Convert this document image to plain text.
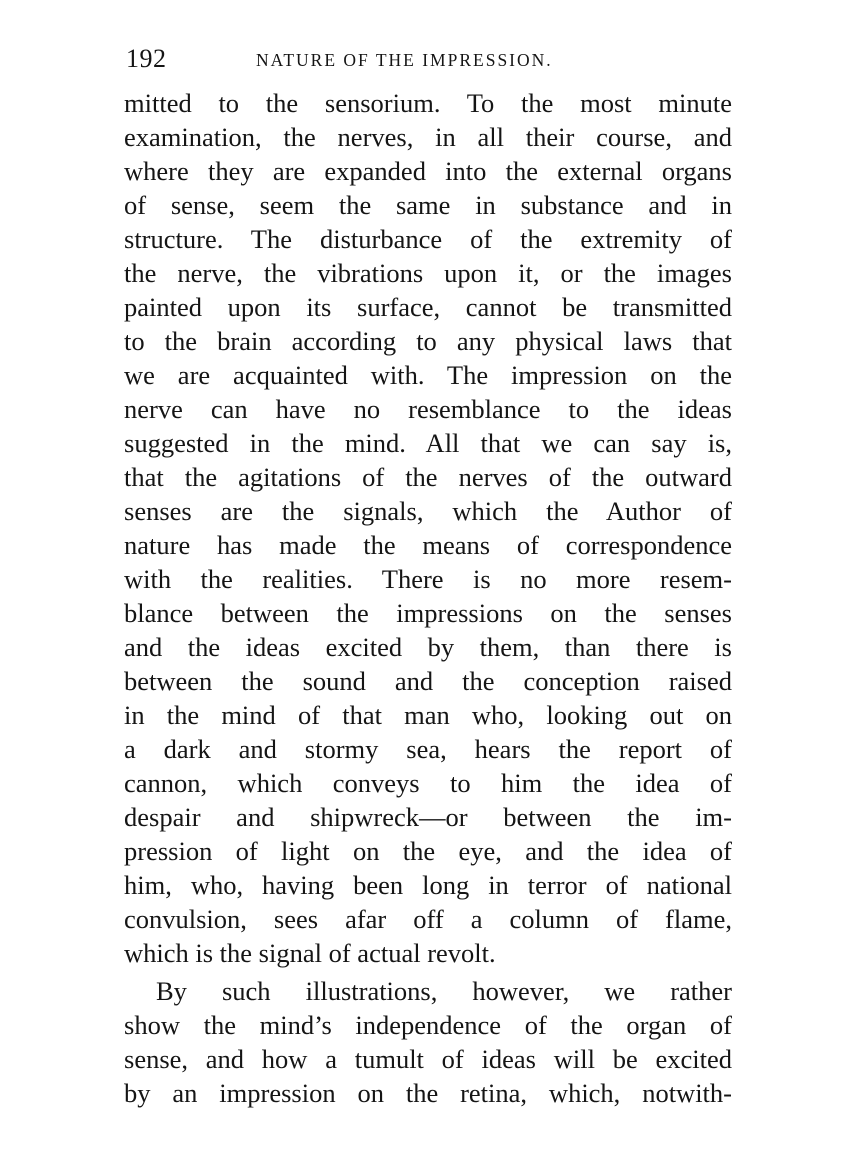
192	NATURE OF THE IMPRESSION.
mitted to the sensorium. To the most minute
examination, the nerves, in all their course, and
where they are expanded into the external organs
of sense, seem the same in substance and in
structure. The disturbance of the extremity of
the nerve, the vibrations upon it, or the images
painted upon its surface, cannot be transmitted
to the brain according to any physical laws that
we are acquainted with. The impression on the
nerve can have no resemblance to the ideas
suggested in the mind. All that we can say is,
that the agitations of the nerves of the outward
senses are the signals, which the Author of
nature has made the means of correspondence
with the realities. There is no more resem-
blance between the impressions on the senses
and the ideas excited by them, than there is
between the sound and the conception raised
in the mind of that man who, looking out on
a dark and stormy sea, hears the report of
cannon, which conveys to him the idea of
despair and shipwreck—or between the im-
pression of light on the eye, and the idea of
him, who, having been long in terror of national
convulsion, sees afar off a column of flame,
which is the signal of actual revolt.
By such illustrations, however, we rather
show the mind’s independence of the organ of
sense, and how a tumult of ideas will be excited
by an impression on the retina, which, notwith-
